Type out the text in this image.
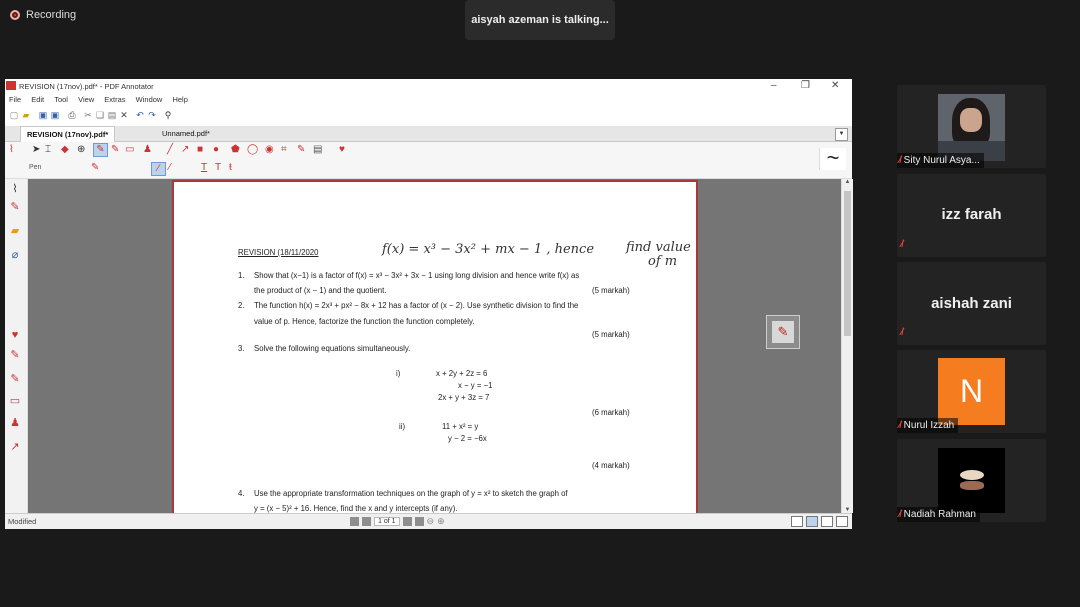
Recording	aisyah azeman is talking...
REVISION (17nov).pdf* - PDF Annotator	– ❐ ✕
File Edit Tool View Extras Window Help
▢ ▰ ▣ ▣ ⎙ ✂ ❏ ▤ ✕ ↶ ↷ ⚲
REVISION (17nov).pdf*	Unnamed.pdf*	▼
⌇ ➤ ⌶ ◆ ⊕	✎ ✎ ▭ ♟ ╱ ↗ ■ ● ⬟ ◯ ◉ ⌗ ✎ ▤ ♥
Pen	✎	⁄ ⁄	T T ŧ	~
⌇
✎
▰
⌀
♥
✎
✎
▭
♟
↗
REVISION (18/11/2020	f(x) = x³ − 3x² + mx − 1 , hence find value
of m
1. Show that (x−1) is a factor of f(x) = x³ − 3x² + 3x − 1 using long division and hence write f(x) as
the product of (x − 1) and the quotient.	(5 markah)
2. The function h(x) = 2x³ + px² − 8x + 12 has a factor of (x − 2). Use synthetic division to find the
value of p. Hence, factorize the function the function completely.
(5 markah)
3. Solve the following equations simultaneously.
i)	x + 2y + 2z = 6
x − y = −1
2x + y + 3z = 7
(6 markah)
ii)	11 + x² = y
y − 2 = −6x
(4 markah)
4. Use the appropriate transformation techniques on the graph of y = x² to sketch the graph of
y = (x − 5)² + 16. Hence, find the x and y intercepts (if any).
✎
▲
▼
Modified	1 of 1	⊖ ⊕
⁄̸ Sity Nurul Asya...
izz farah
⁄̸
aishah zani
⁄̸
N
⁄̸ Nurul Izzah
⁄̸ Nadiah Rahman
